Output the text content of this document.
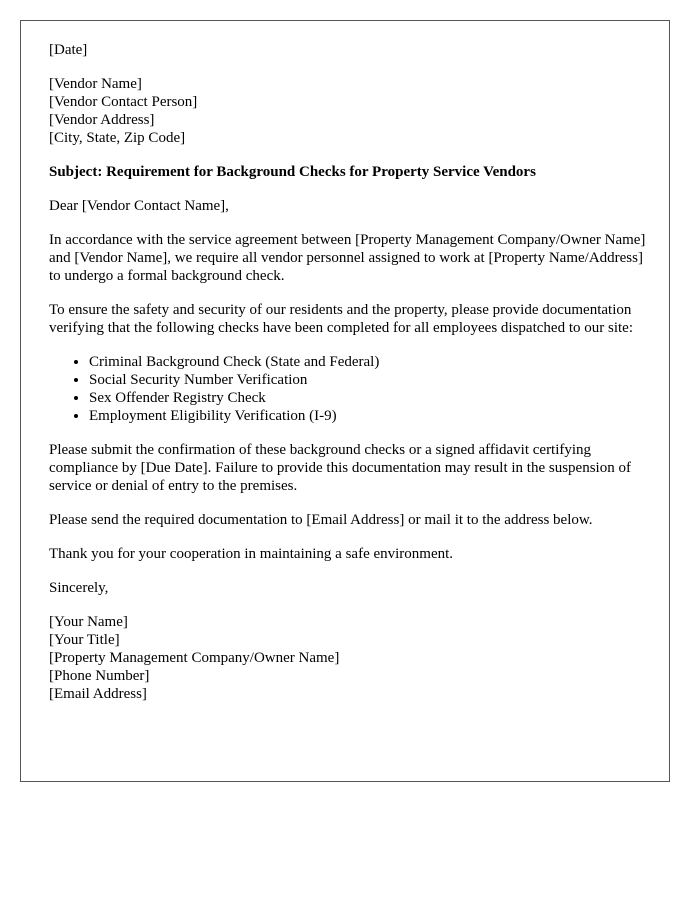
[Date]

[Vendor Name]
[Vendor Contact Person]
[Vendor Address]
[City, State, Zip Code]

Subject: Requirement for Background Checks for Property Service Vendors

Dear [Vendor Contact Name],

In accordance with the service agreement between [Property Management Company/Owner Name] and [Vendor Name], we require all vendor personnel assigned to work at [Property Name/Address] to undergo a formal background check.

To ensure the safety and security of our residents and the property, please provide documentation verifying that the following checks have been completed for all employees dispatched to our site:

• Criminal Background Check (State and Federal)
• Social Security Number Verification
• Sex Offender Registry Check
• Employment Eligibility Verification (I-9)

Please submit the confirmation of these background checks or a signed affidavit certifying compliance by [Due Date]. Failure to provide this documentation may result in the suspension of service or denial of entry to the premises.

Please send the required documentation to [Email Address] or mail it to the address below.

Thank you for your cooperation in maintaining a safe environment.

Sincerely,

[Your Name]
[Your Title]
[Property Management Company/Owner Name]
[Phone Number]
[Email Address]
